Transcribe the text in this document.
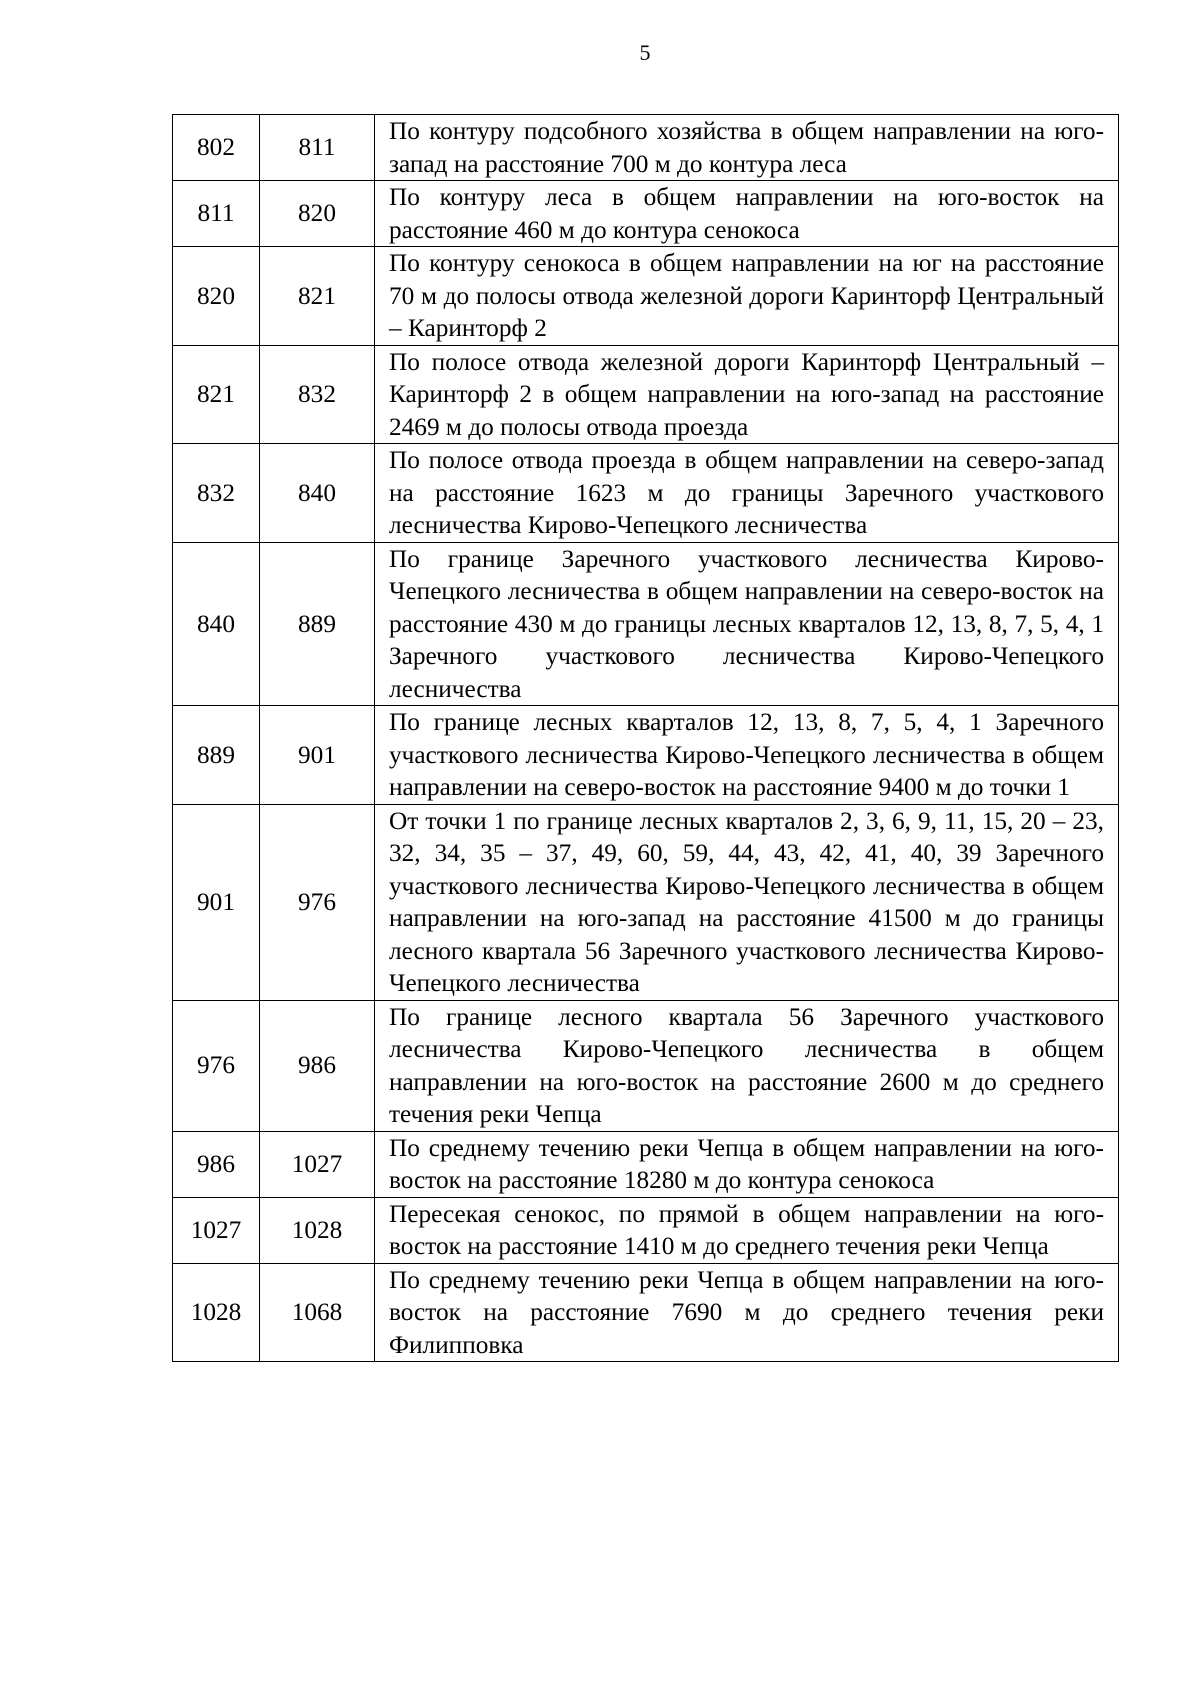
5
802	811	По контуру подсобного хозяйства в общем направлении на юго-запад на расстояние 700 м до контура леса
811	820	По контуру леса в общем направлении на юго-восток на расстояние 460 м до контура сенокоса
820	821	По контуру сенокоса в общем направлении на юг на расстояние 70 м до полосы отвода железной дороги Каринторф Центральный – Каринторф 2
821	832	По полосе отвода железной дороги Каринторф Центральный – Каринторф 2 в общем направлении на юго-запад на расстояние 2469 м до полосы отвода проезда
832	840	По полосе отвода проезда в общем направлении на северо-запад на расстояние 1623 м до границы Заречного участкового лесничества Кирово-Чепецкого лесничества
840	889	По границе Заречного участкового лесничества Кирово-Чепецкого лесничества в общем направлении на северо-восток на расстояние 430 м до границы лесных кварталов 12, 13, 8, 7, 5, 4, 1 Заречного участкового лесничества Кирово-Чепецкого лесничества
889	901	По границе лесных кварталов 12, 13, 8, 7, 5, 4, 1 Заречного участкового лесничества Кирово-Чепецкого лесничества в общем направлении на северо-восток на расстояние 9400 м до точки 1
901	976	От точки 1 по границе лесных кварталов 2, 3, 6, 9, 11, 15, 20 – 23, 32, 34, 35 – 37, 49, 60, 59, 44, 43, 42, 41, 40, 39 Заречного участкового лесничества Кирово-Чепецкого лесничества в общем направлении на юго-запад на расстояние 41500 м до границы лесного квартала 56 Заречного участкового лесничества Кирово-Чепецкого лесничества
976	986	По границе лесного квартала 56 Заречного участкового лесничества Кирово-Чепецкого лесничества в общем направлении на юго-восток на расстояние 2600 м до среднего течения реки Чепца
986	1027	По среднему течению реки Чепца в общем направлении на юго-восток на расстояние 18280 м до контура сенокоса
1027	1028	Пересекая сенокос, по прямой в общем направлении на юго-восток на расстояние 1410 м до среднего течения реки Чепца
1028	1068	По среднему течению реки Чепца в общем направлении на юго-восток на расстояние 7690 м до среднего течения реки Филипповка
